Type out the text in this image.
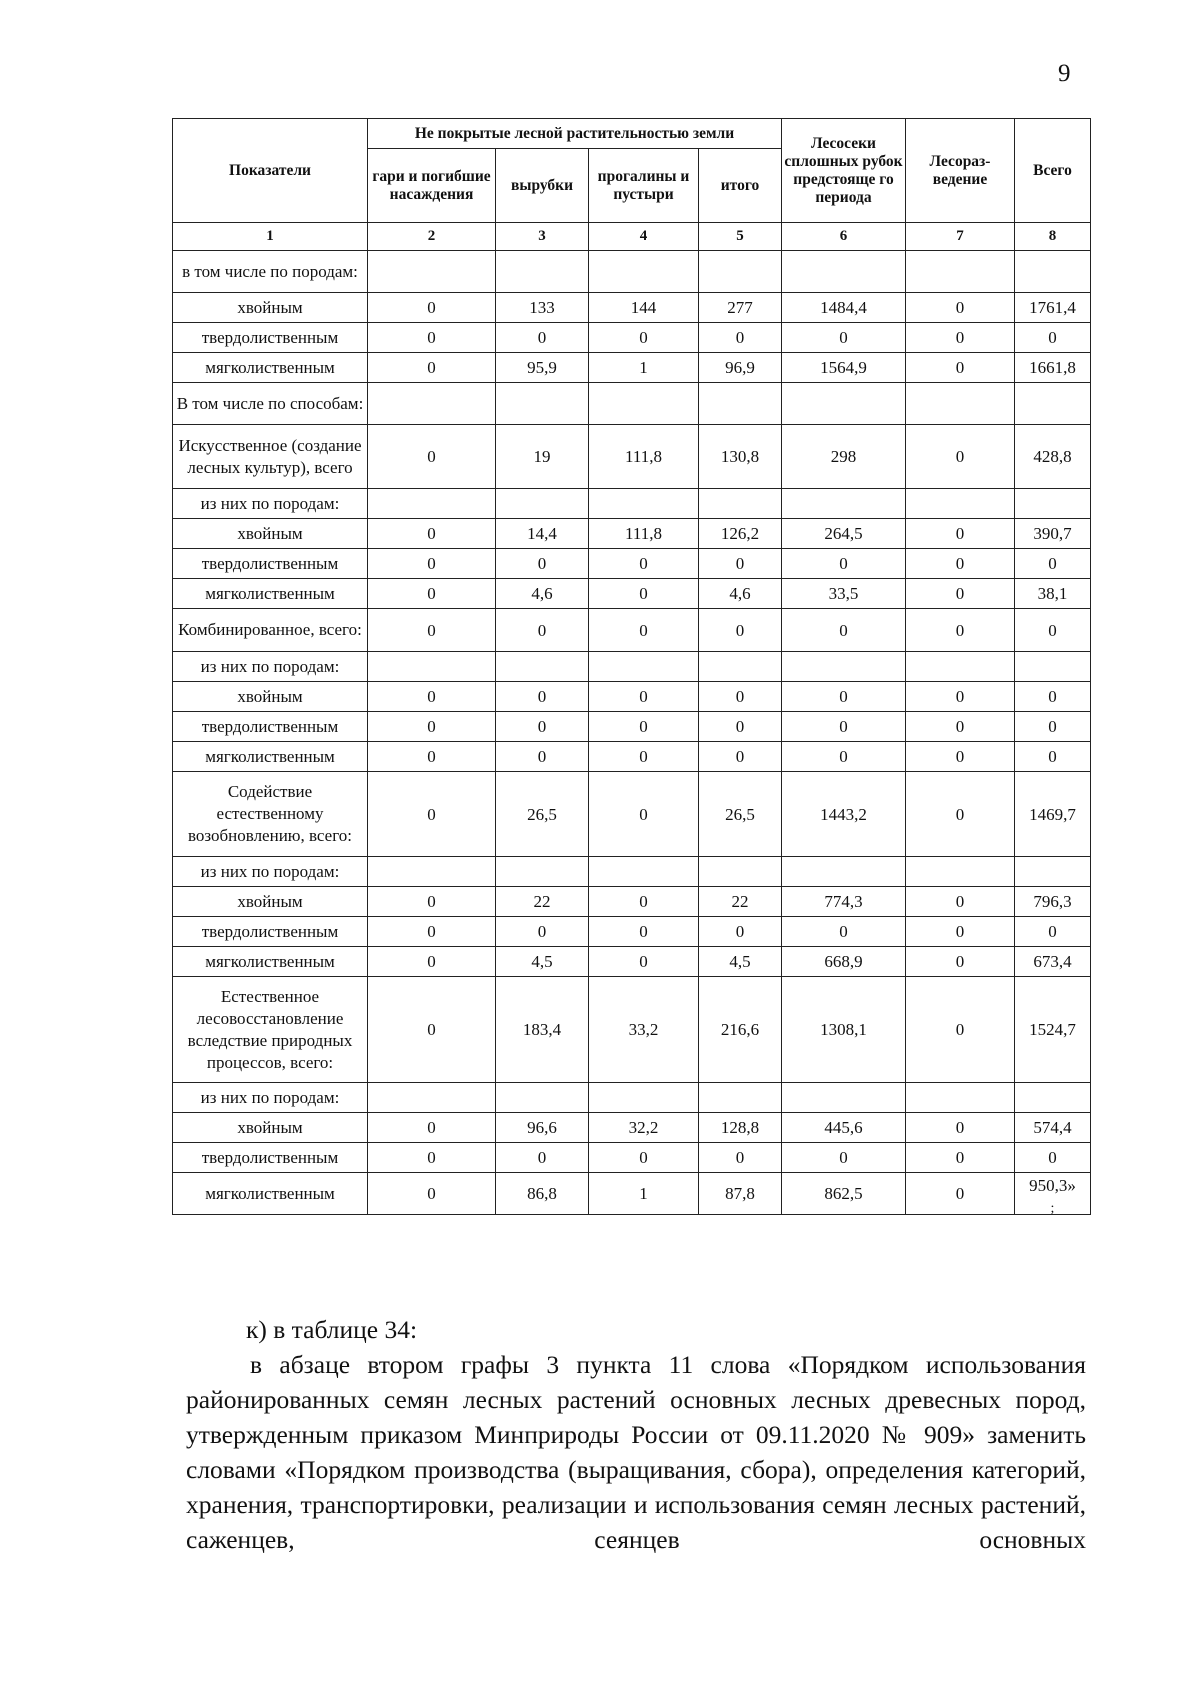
9
Показатели	Не покрытые лесной растительностью земли				Лесосеки сплошных рубок предстояще го периода	Лесораз-ведение	Всего
	гари и погибшие насаждения	вырубки	прогалины и пустыри	итого			
1	2	3	4	5	6	7	8
в том числе по породам:							
хвойным	0	133	144	277	1484,4	0	1761,4
твердолиственным	0	0	0	0	0	0	0
мягколиственным	0	95,9	1	96,9	1564,9	0	1661,8
В том числе по способам:							
Искусственное (создание лесных культур), всего	0	19	111,8	130,8	298	0	428,8
из них по породам:							
хвойным	0	14,4	111,8	126,2	264,5	0	390,7
твердолиственным	0	0	0	0	0	0	0
мягколиственным	0	4,6	0	4,6	33,5	0	38,1
Комбинированное, всего:	0	0	0	0	0	0	0
из них по породам:							
хвойным	0	0	0	0	0	0	0
твердолиственным	0	0	0	0	0	0	0
мягколиственным	0	0	0	0	0	0	0
Содействие естественному возобновлению, всего:	0	26,5	0	26,5	1443,2	0	1469,7
из них по породам:							
хвойным	0	22	0	22	774,3	0	796,3
твердолиственным	0	0	0	0	0	0	0
мягколиственным	0	4,5	0	4,5	668,9	0	673,4
Естественное лесовосстановление вследствие природных процессов, всего:	0	183,4	33,2	216,6	1308,1	0	1524,7
из них по породам:							
хвойным	0	96,6	32,2	128,8	445,6	0	574,4
твердолиственным	0	0	0	0	0	0	0
мягколиственным	0	86,8	1	87,8	862,5	0	950,3»
;

к) в таблице 34:

в абзаце втором графы 3 пункта 11 слова «Порядком использования районированных семян лесных растений основных лесных древесных пород, утвержденным приказом Минприроды России от 09.11.2020 № 909» заменить словами «Порядком производства (выращивания, сбора), определения категорий, хранения, транспортировки, реализации и использования семян лесных растений, саженцев, сеянцев основных
